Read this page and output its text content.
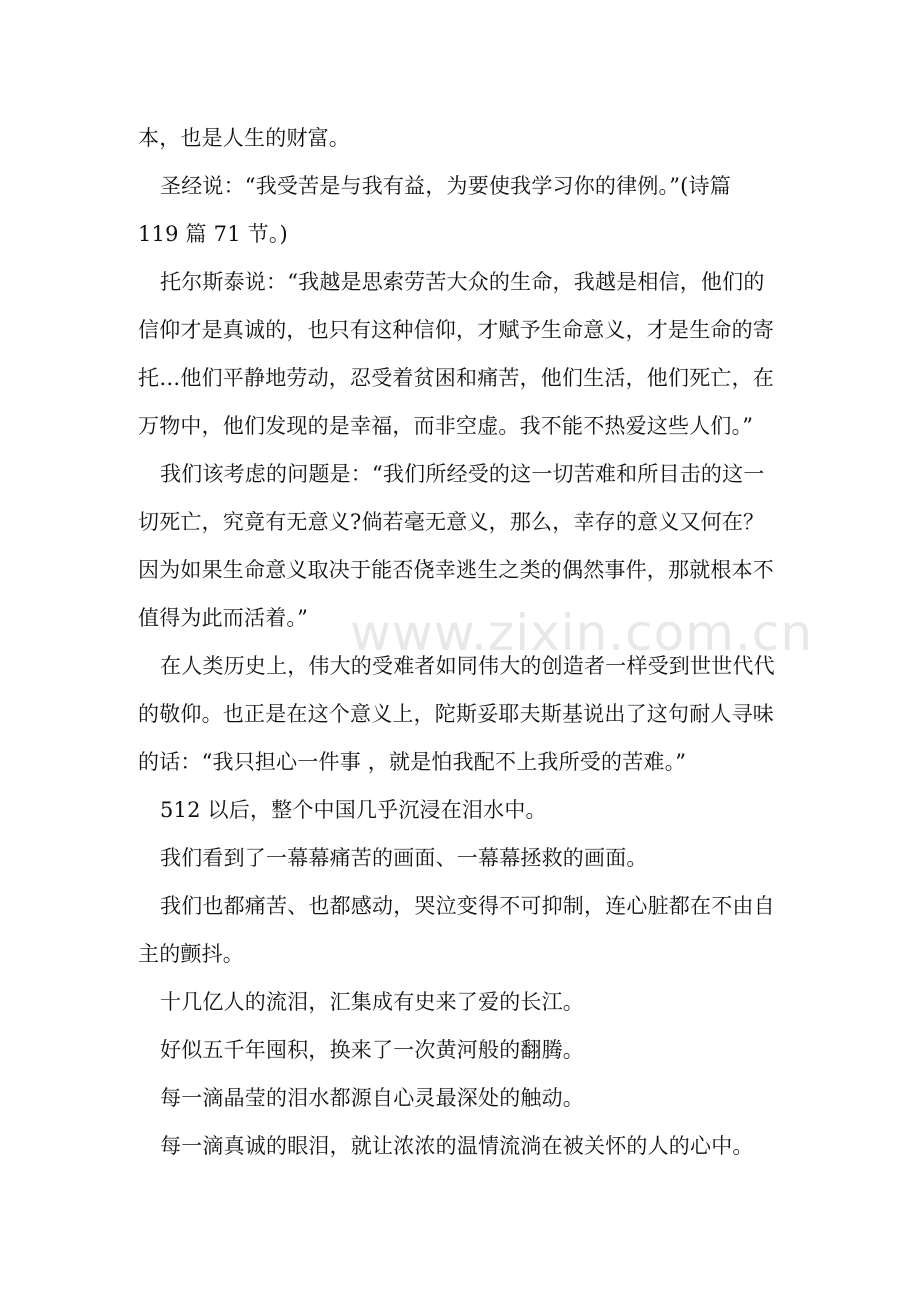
本，也是人生的财富。
圣经说：“我受苦是与我有益，为要使我学习你的律例。”(诗篇
119 篇 71 节。)
托尔斯泰说：“我越是思索劳苦大众的生命，我越是相信，他们的
信仰才是真诚的，也只有这种信仰，才赋予生命意义，才是生命的寄
托…他们平静地劳动，忍受着贫困和痛苦，他们生活，他们死亡，在
万物中，他们发现的是幸福，而非空虚。我不能不热爱这些人们。”
我们该考虑的问题是：“我们所经受的这一切苦难和所目击的这一
切死亡，究竟有无意义?倘若毫无意义，那么，幸存的意义又何在？
因为如果生命意义取决于能否侥幸逃生之类的偶然事件，那就根本不
值得为此而活着。”
在人类历史上，伟大的受难者如同伟大的创造者一样受到世世代代
的敬仰。也正是在这个意义上，陀斯妥耶夫斯基说出了这句耐人寻味
的话：“我只担心一件事 ，就是怕我配不上我所受的苦难。”
512 以后，整个中国几乎沉浸在泪水中。
我们看到了一幕幕痛苦的画面、一幕幕拯救的画面。
我们也都痛苦、也都感动，哭泣变得不可抑制，连心脏都在不由自
主的颤抖。
十几亿人的流泪，汇集成有史来了爱的长江。
好似五千年囤积，换来了一次黄河般的翻腾。
每一滴晶莹的泪水都源自心灵最深处的触动。
每一滴真诚的眼泪，就让浓浓的温情流淌在被关怀的人的心中。
www.zixin.com.cn
